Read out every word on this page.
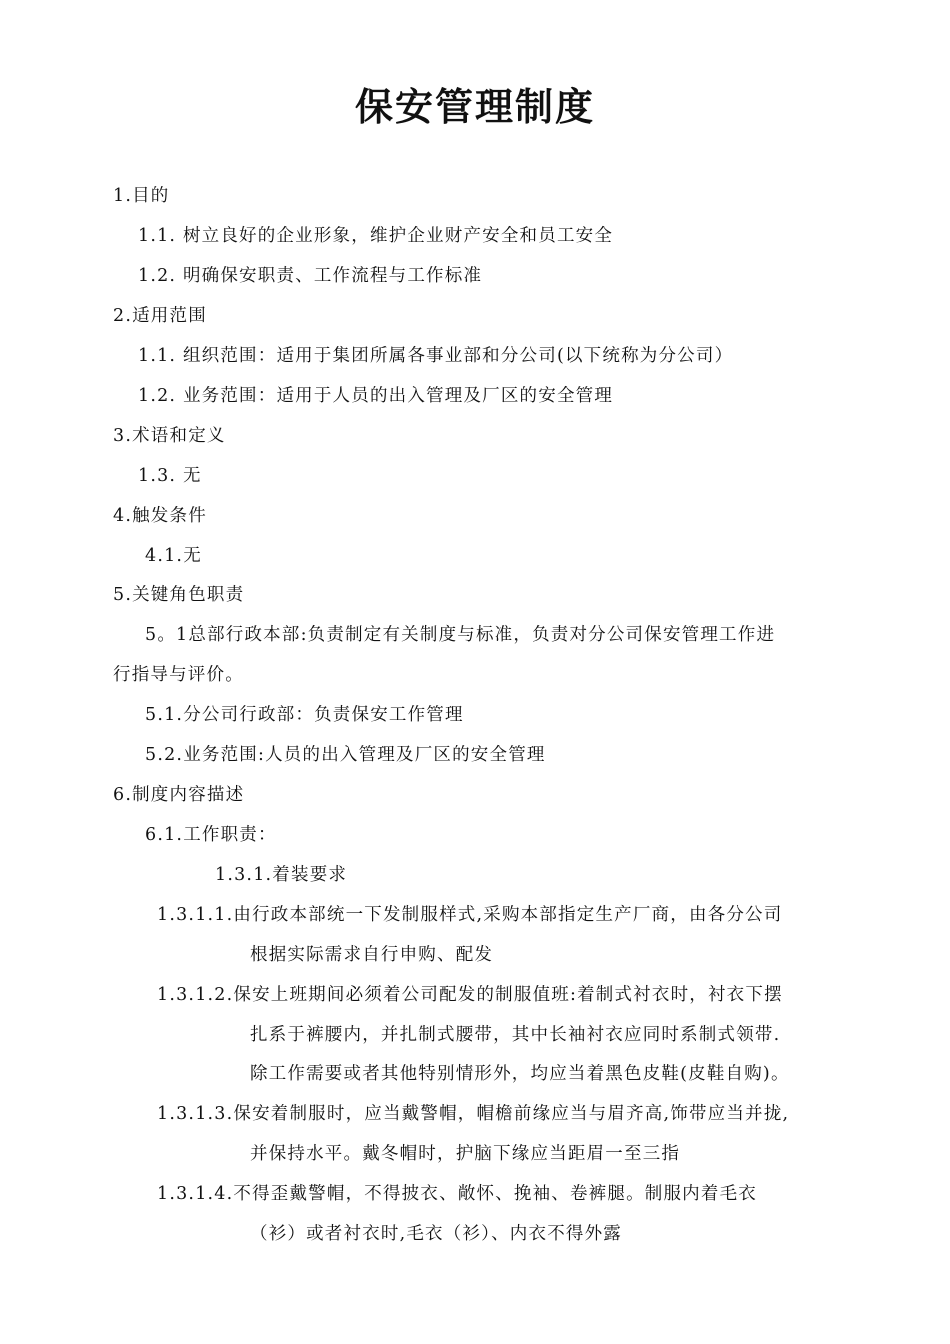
保安管理制度
1.目的
1.1. 树立良好的企业形象，维护企业财产安全和员工安全
1.2. 明确保安职责、工作流程与工作标准
2.适用范围
1.1. 组织范围：适用于集团所属各事业部和分公司(以下统称为分公司）
1.2. 业务范围：适用于人员的出入管理及厂区的安全管理
3.术语和定义
1.3. 无
4.触发条件
4.1.无
5.关键角色职责
5。1总部行政本部:负责制定有关制度与标准，负责对分公司保安管理工作进
行指导与评价。
5.1.分公司行政部：负责保安工作管理
5.2.业务范围:人员的出入管理及厂区的安全管理
6.制度内容描述
6.1.工作职责：
1.3.1.着装要求
1.3.1.1.由行政本部统一下发制服样式,采购本部指定生产厂商，由各分公司
根据实际需求自行申购、配发
1.3.1.2.保安上班期间必须着公司配发的制服值班:着制式衬衣时，衬衣下摆
扎系于裤腰内，并扎制式腰带，其中长袖衬衣应同时系制式领带.
除工作需要或者其他特别情形外，均应当着黑色皮鞋(皮鞋自购)。
1.3.1.3.保安着制服时，应当戴警帽，帽檐前缘应当与眉齐高,饰带应当并拢,
并保持水平。戴冬帽时，护脑下缘应当距眉一至三指
1.3.1.4.不得歪戴警帽，不得披衣、敞怀、挽袖、卷裤腿。制服内着毛衣
（衫）或者衬衣时,毛衣（衫）、内衣不得外露
